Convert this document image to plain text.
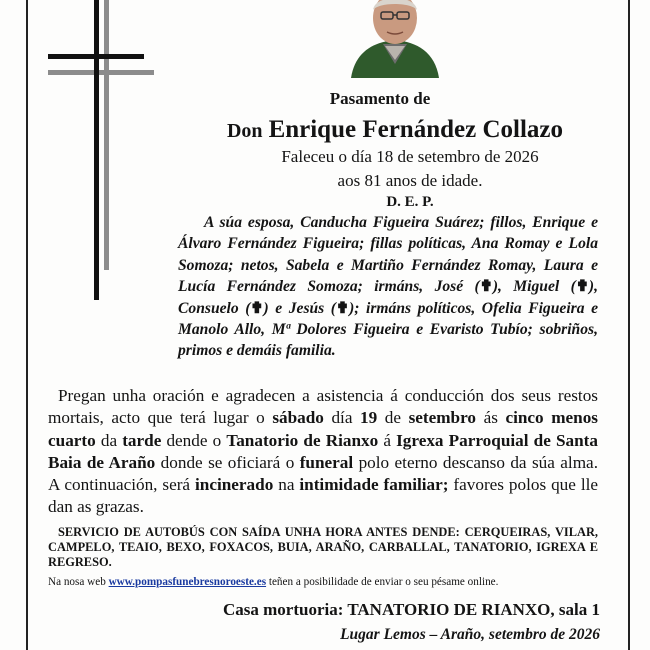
Pasamento de
Don Enrique Fernández Collazo
Faleceu o día 18 de setembro de 2026
aos 81 anos de idade.
D. E. P.
A súa esposa, Canducha Figueira Suárez; fillos, Enrique e Álvaro Fernández Figueira; fillas políticas, Ana Romay e Lola Somoza; netos, Sabela e Martiño Fernández Romay, Laura e Lucía Fernández Somoza; irmáns, José (✟), Miguel (✟), Consuelo (✟) e Jesús (✟); irmáns políticos, Ofelia Figueira e Manolo Allo, Mª Dolores Figueira e Evaristo Tubío; sobriños, primos e demáis familia.
Pregan unha oración e agradecen a asistencia á conducción dos seus restos mortais, acto que terá lugar o sábado día 19 de setembro ás cinco menos cuarto da tarde dende o Tanatorio de Rianxo á Igrexa Parroquial de Santa Baia de Araño donde se oficiará o funeral polo eterno descanso da súa alma. A continuación, será incinerado na intimidade familiar; favores polos que lle dan as grazas.
SERVICIO DE AUTOBÚS CON SAÍDA UNHA HORA ANTES DENDE: CERQUEIRAS, VILAR, CAMPELO, TEAIO, BEXO, FOXACOS, BUIA, ARAÑO, CARBALLAL, TANATORIO, IGREXA E REGRESO.
Na nosa web www.pompasfunebresnoroeste.es teñen a posibilidade de enviar o seu pésame online.
Casa mortuoria: TANATORIO DE RIANXO, sala 1
Lugar Lemos – Araño, setembro de 2026
